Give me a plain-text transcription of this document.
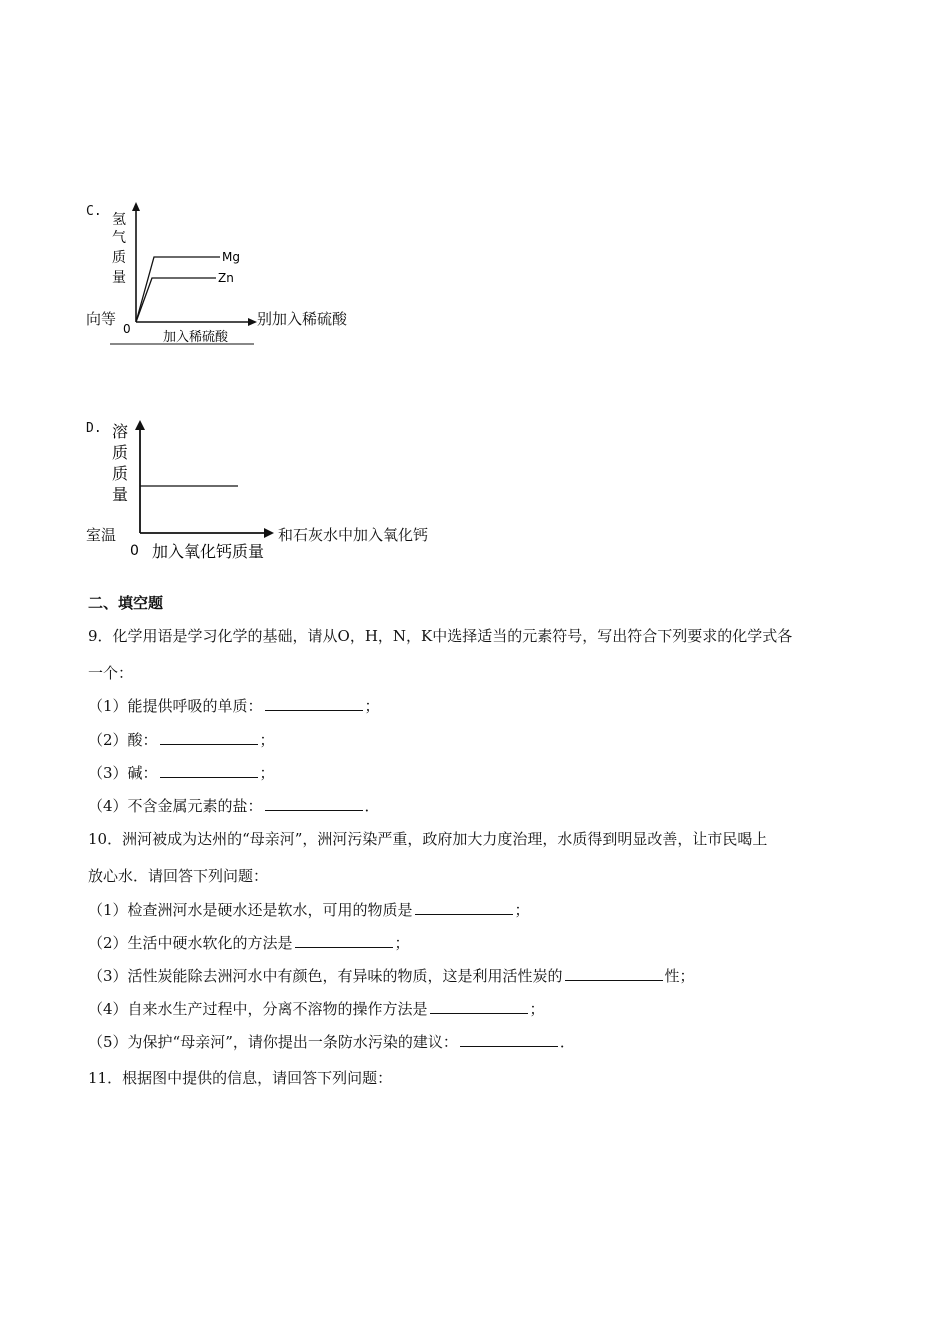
C.
向等	别加入稀硫酸
氢
气
质
量
Mg
Zn
0
加入稀硫酸
D.
室温	和石灰水中加入氧化钙
溶
质
质
量
0 加入氧化钙质量
二、填空题
9．化学用语是学习化学的基础，请从O，H，N，K中选择适当的元素符号，写出符合下列要求的化学式各
一个：
（1）能提供呼吸的单质：	；
（2）酸：	；
（3）碱：	；
（4）不含金属元素的盐：	．
10．洲河被成为达州的“母亲河”，洲河污染严重，政府加大力度治理，水质得到明显改善，让市民喝上
放心水．请回答下列问题：
（1）检查洲河水是硬水还是软水，可用的物质是	；
（2）生活中硬水软化的方法是	；
（3）活性炭能除去洲河水中有颜色，有异味的物质，这是利用活性炭的	性；
（4）自来水生产过程中，分离不溶物的操作方法是	；
（5）为保护“母亲河”，请你提出一条防水污染的建议：	．
11．根据图中提供的信息，请回答下列问题：
